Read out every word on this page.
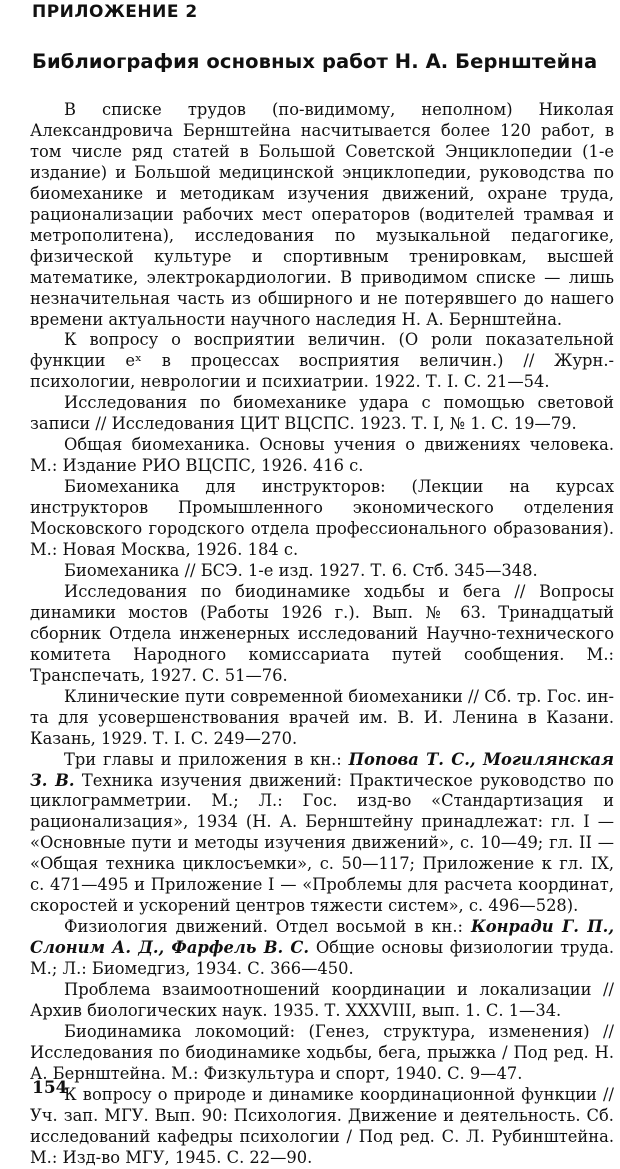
ПРИЛОЖЕНИЕ 2
Библиография основных работ Н. А. Бернштейна

В списке трудов (по-видимому, неполном) Николая Александровича Бернштейна насчитывается более 120 работ, в том числе ряд статей в Большой Советской Энциклопедии (1-е издание) и Большой медицинской энциклопедии, руководства по биомеханике и методикам изучения движений, охране труда, рационализации рабочих мест операторов (водителей трамвая и метрополитена), исследования по музыкальной педагогике, физической культуре и спортивным тренировкам, высшей математике, электрокардиологии. В приводимом списке — лишь незначительная часть из обширного и не потерявшего до нашего времени актуальности научного наследия Н. А. Бернштейна.

К вопросу о восприятии величин. (О роли показательной функции eˣ в процессах восприятия величин.) // Журн.-психологии, неврологии и психиатрии. 1922. Т. I. С. 21—54.

Исследования по биомеханике удара с помощью световой записи // Исследования ЦИТ ВЦСПС. 1923. Т. I, № 1. С. 19—79.

Общая биомеханика. Основы учения о движениях человека. М.: Издание РИО ВЦСПС, 1926. 416 с.

Биомеханика для инструкторов: (Лекции на курсах инструкторов Промышленного экономического отделения Московского городского отдела профессионального образования). М.: Новая Москва, 1926. 184 с.

Биомеханика // БСЭ. 1-е изд. 1927. Т. 6. Стб. 345—348.

Исследования по биодинамике ходьбы и бега // Вопросы динамики мостов (Работы 1926 г.). Вып. № 63. Тринадцатый сборник Отдела инженерных исследований Научно-технического комитета Народного комиссариата путей сообщения. М.: Транспечать, 1927. С. 51—76.

Клинические пути современной биомеханики // Сб. тр. Гос. ин-та для усовершенствования врачей им. В. И. Ленина в Казани. Казань, 1929. Т. I. С. 249—270.

Три главы и приложения в кн.: Попова Т. С., Могилянская З. В. Техника изучения движений: Практическое руководство по циклограмметрии. М.; Л.: Гос. изд-во «Стандартизация и рационализация», 1934 (Н. А. Бернштейну принадлежат: гл. I — «Основные пути и методы изучения движений», с. 10—49; гл. II — «Общая техника циклосъемки», с. 50—117; Приложение к гл. IX, с. 471—495 и Приложение I — «Проблемы для расчета координат, скоростей и ускорений центров тяжести систем», с. 496—528).

Физиология движений. Отдел восьмой в кн.: Конради Г. П., Слоним А. Д., Фарфель В. С. Общие основы физиологии труда. М.; Л.: Биомедгиз, 1934. С. 366—450.

Проблема взаимоотношений координации и локализации // Архив биологических наук. 1935. Т. XXXVIII, вып. 1. С. 1—34.

Биодинамика локомоций: (Генез, структура, изменения) // Исследования по биодинамике ходьбы, бега, прыжка / Под ред. Н. А. Бернштейна. М.: Физкультура и спорт, 1940. С. 9—47.

К вопросу о природе и динамике координационной функции // Уч. зап. МГУ. Вып. 90: Психология. Движение и деятельность. Сб. исследований кафедры психологии / Под ред. С. Л. Рубинштейна. М.: Изд-во МГУ, 1945. С. 22—90.

154
